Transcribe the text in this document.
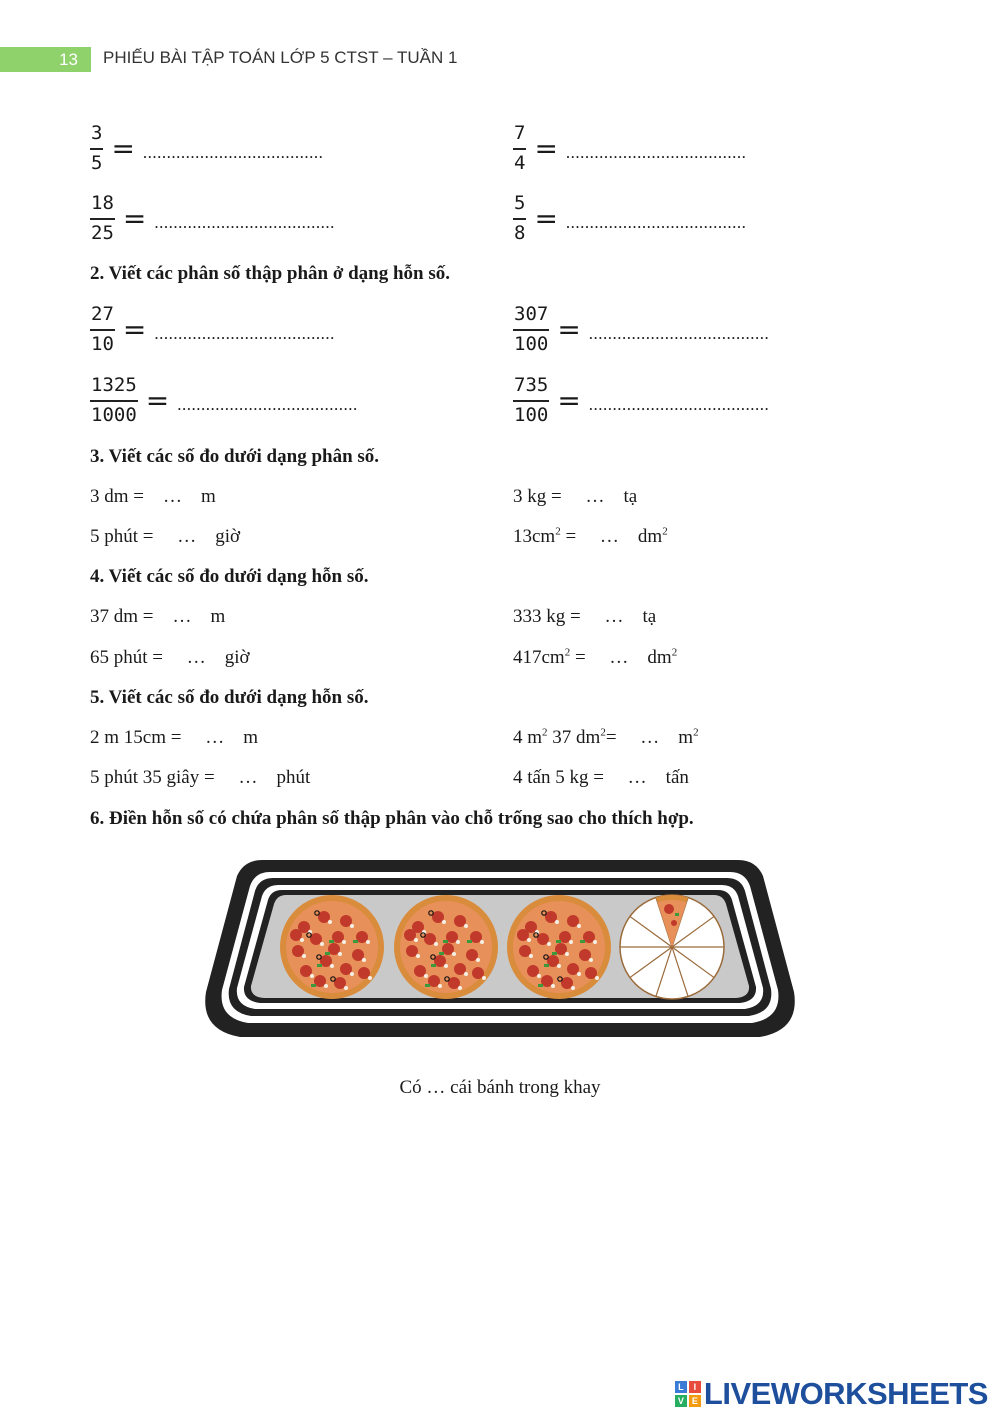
13	PHIẾU BÀI TẬP TOÁN LỚP 5 CTST – TUẦN 1
$\frac{3}{5}$ = ......................................	$\frac{7}{4}$ = ......................................
$\frac{18}{25}$ = ......................................	$\frac{5}{8}$ = ......................................
2. Viết các phân số thập phân ở dạng hỗn số.
$\frac{27}{10}$ = ......................................	$\frac{307}{100}$ = ......................................
$\frac{1325}{1000}$ = ......................................	$\frac{735}{100}$ = ......................................
3. Viết các số đo dưới dạng phân số.
3 dm =    …    m	3 kg =     …    tạ
5 phút =     …    giờ	$13cm^2$ =     …    $dm^2$
4. Viết các số đo dưới dạng hỗn số.
37 dm =    …    m	333 kg =     …    tạ
65 phút =     …    giờ	$417cm^2$ =     …    $dm^2$
5. Viết các số đo dưới dạng hỗn số.
2 m 15cm =     …    m	4 $m^2$ 37 $dm^2=$     …    $m^2$
5 phút 35 giây =     …    phút	4 tấn 5 kg =     …    tấn
6. Điền hỗn số có chứa phân số thập phân vào chỗ trống sao cho thích hợp.
Có … cái bánh trong khay
L	I
V E LIVEWORKSHEETS
